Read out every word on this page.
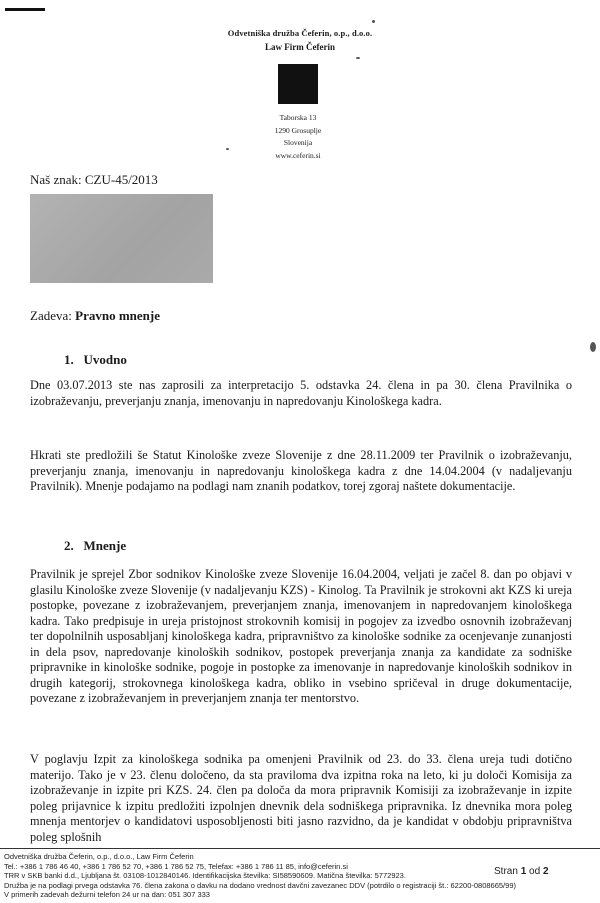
Odvetniška družba Čeferin, o.p., d.o.o.
Law Firm Čeferin
Taborska 13
1290 Grosuplje
Slovenija
www.ceferin.si
Naš znak: CZU-45/2013
Zadeva: Pravno mnenje
1.   Uvodno
Dne 03.07.2013 ste nas zaprosili za interpretacijo 5. odstavka 24. člena in pa 30. člena Pravilnika o izobraževanju, preverjanju znanja, imenovanju in napredovanju Kinološkega kadra.
Hkrati ste predložili še Statut Kinološke zveze Slovenije z dne 28.11.2009 ter Pravilnik o izobraževanju, preverjanju znanja, imenovanju in napredovanju kinološkega kadra z dne 14.04.2004 (v nadaljevanju Pravilnik). Mnenje podajamo na podlagi nam znanih podatkov, torej zgoraj naštete dokumentacije.
2.   Mnenje
Pravilnik je sprejel Zbor sodnikov Kinološke zveze Slovenije 16.04.2004, veljati je začel 8. dan po objavi v glasilu Kinološke zveze Slovenije (v nadaljevanju KZS) - Kinolog. Ta Pravilnik je strokovni akt KZS ki ureja postopke, povezane z izobraževanjem, preverjanjem znanja, imenovanjem in napredovanjem kinološkega kadra. Tako predpisuje in ureja pristojnost strokovnih komisij in pogojev za izvedbo osnovnih izobraževanj ter dopolnilnih usposabljanj kinološkega kadra, pripravništvo za kinološke sodnike za ocenjevanje zunanjosti in dela psov, napredovanje kinoloških sodnikov, postopek preverjanja znanja za kandidate za sodniške pripravnike in kinološke sodnike, pogoje in postopke za imenovanje in napredovanje kinoloških sodnikov in drugih kategorij, strokovnega kinološkega kadra, obliko in vsebino spričeval in druge dokumentacije, povezane z izobraževanjem in preverjanjem znanja ter mentorstvo.
V poglavju Izpit za kinološkega sodnika pa omenjeni Pravilnik od 23. do 33. člena ureja tudi dotično materijo. Tako je v 23. členu določeno, da sta praviloma dva izpitna roka na leto, ki ju določi Komisija za izobraževanje in izpite pri KZS. 24. člen pa določa da mora pripravnik Komisiji za izobraževanje in izpite poleg prijavnice k izpitu predložiti izpolnjen dnevnik dela sodniškega pripravnika. Iz dnevnika mora poleg mnenja mentorjev o kandidatovi usposobljenosti biti jasno razvidno, da je kandidat v obdobju pripravništva poleg splošnih
Odvetniška družba Čeferin, o.p., d.o.o., Law Firm Čeferin
Tel.: +386 1 786 46 40, +386 1 786 52 70, +386 1 786 52 75, Telefax: +386 1 786 11 85, info@ceferin.si
TRR v SKB banki d.d., Ljubljana št. 03108-1012840146. Identifikacijska številka: SI58590609. Matična številka: 5772923.
Družba je na podlagi prvega odstavka 76. člena zakona o davku na dodano vrednost davčni zavezanec DDV (potrdilo o registraciji št.: 62200-0808665/99)
V primerih zadevah dežurni telefon 24 ur na dan: 051 307 333
Stran 1 od 2
